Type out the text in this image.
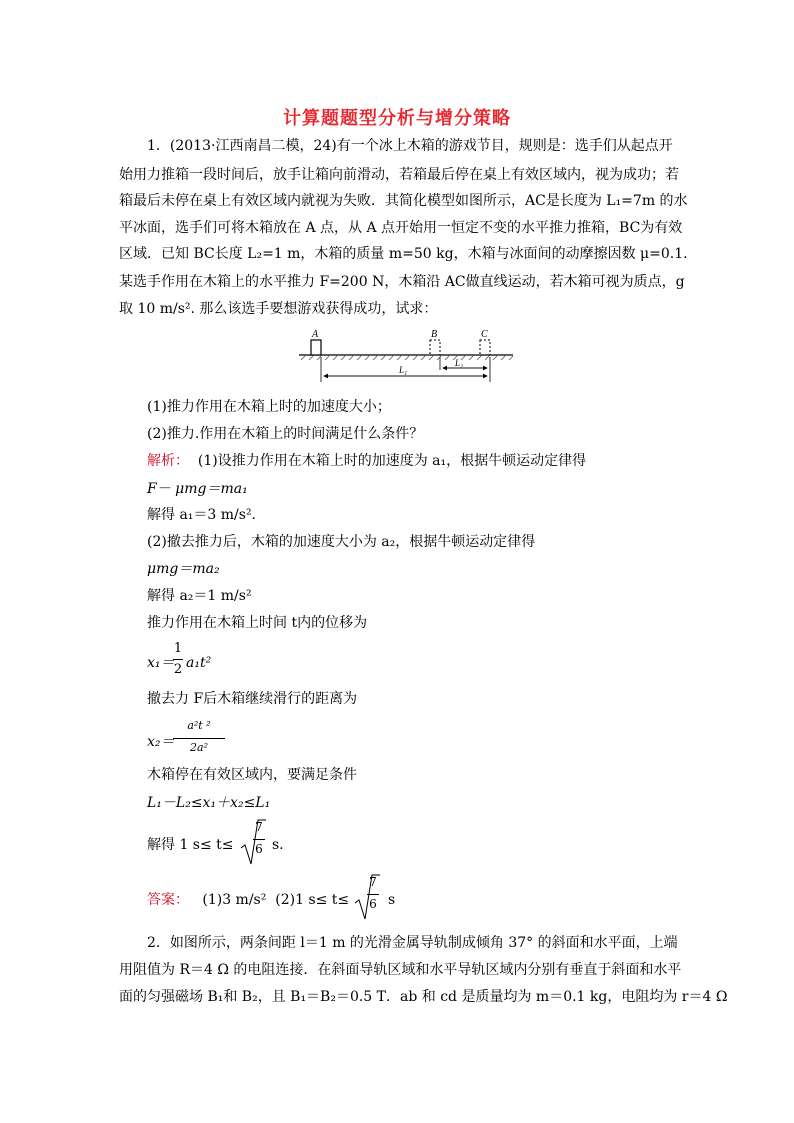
计算题题型分析与增分策略
1．(2013·江西南昌二模，24)有一个冰上木箱的游戏节目，规则是：选手们从起点开
始用力推箱一段时间后，放手让箱向前滑动，若箱最后停在桌上有效区域内，视为成功；若
箱最后未停在桌上有效区域内就视为失败．其简化模型如图所示，AC是长度为 L₁=7m 的水
平冰面，选手们可将木箱放在 A 点，从 A 点开始用一恒定不变的水平推力推箱，BC为有效
区域．已知 BC长度 L₂=1 m，木箱的质量 m=50 kg，木箱与冰面间的动摩擦因数 μ=0.1.
某选手作用在木箱上的水平推力 F=200 N，木箱沿 AC做直线运动，若木箱可视为质点，g
取 10 m/s². 那么该选手要想游戏获得成功，试求：
A	B	C
L₂
L₁
(1)推力作用在木箱上时的加速度大小；
(2)推力.作用在木箱上的时间满足什么条件？
解析： (1)设推力作用在木箱上时的加速度为 a₁，根据牛顿运动定律得
F－ μmg＝ma₁
解得 a₁＝3 m/s².
(2)撤去推力后，木箱的加速度大小为 a₂，根据牛顿运动定律得
μmg＝ma₂
解得 a₂＝1 m/s²
推力作用在木箱上时间 t内的位移为
x₁＝
1
2 a₁t²
撤去力 F后木箱继续滑行的距离为
x₂＝
a²t ²
2a²
木箱停在有效区域内，要满足条件
L₁－L₂≤x₁＋x₂≤L₁
解得 1 s≤ t≤
7
6 s.
答案： (1)3 m/s² (2)1 s≤ t≤
7
6 s
2．如图所示，两条间距 l＝1 m 的光滑金属导轨制成倾角 37° 的斜面和水平面，上端
用阻值为 R＝4 Ω 的电阻连接．在斜面导轨区域和水平导轨区域内分别有垂直于斜面和水平
面的匀强磁场 B₁和 B₂，且 B₁＝B₂＝0.5 T．ab 和 cd 是质量均为 m＝0.1 kg，电阻均为 r＝4 Ω
